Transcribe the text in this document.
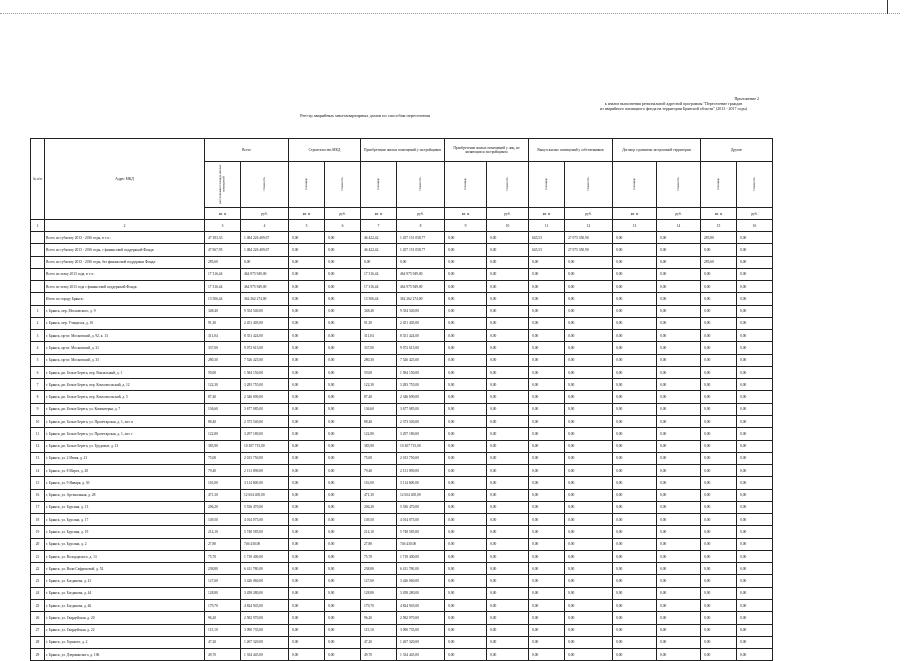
Приложение 2
к анализ выполнения региональной адресной программы "Переселение граждан
из аварийного жилищного фонда на территории Брянской области" (2013 - 2017 годы)
Реестр аварийных многоквартирных домов по способам переселения
№ п/п	Адрес МКД	Всего		Строительство МКД		Приобретение жилых помещений у застройщиков		Приобретение жилых помещений у лиц, не являющихся застройщиком		Выкуп жилых помещений у собственников		Договор о развитии застроенной территории		Другие	
		расселяемая площадь жилых помещений	стоимость	площадь	стоимость	площадь	стоимость	площадь	стоимость	площадь	стоимость	площадь	стоимость	площадь	стоимость
		кв. м	руб.	кв. м	руб.	кв. м	руб.	кв. м	руб.	кв. м	руб.	кв. м	руб.	кв. м	руб.
1	2	3	4	5	6	7	8	9	10	11	12	13	14	15	16
	Всего по субъекту 2013 - 2016 годы, в т.ч.:	47 393,33	1 484 226 409,67	0,00	0,00	46 422,42	1 457 151 058,77	0,00	0,00	645,53	27 075 350,90	0,00	0,00	285,80	0,00
	Всего по субъекту 2013 - 2016 годы, с финансовой поддержкой Фонда:	47 067,95	1 484 226 409,67	0,00	0,00	46 422,42	1 457 151 058,77	0,00	0,00	645,53	27 075 350,90	0,00	0,00	0,00	0,00
	Всего по субъекту 2013 - 2016 годы, без финансовой поддержки Фонда:	285,60	0,00	0,00	0,00	0,00	0,00	0,00	0,00	0,00	0,00	0,00	0,00	285,60	0,00
	Всего по этапу 2013 года, в т.ч.:	17 316,44	464 975 949,00	0,00	0,00	17 316,44	464 975 949,00	0,00	0,00	0,00	0,00	0,00	0,00	0,00	0,00
	Всего по этапу 2013 года с финансовой поддержкой Фонда:	17 316,44	464 975 949,00	0,00	0,00	17 316,44	464 975 949,00	0,00	0,00	0,00	0,00	0,00	0,00	0,00	0,00
	Итого по городу Брянск:	13 506,44	362 262 274,00	0,00	0,00	13 506,44	362 262 274,00	0,00	0,00	0,00	0,00	0,00	0,00	0,00	0,00
1	г. Брянск, пер. Московского, д. 9	348,40	9 354 540,00	0,00	0,00	348,40	9 354 540,00	0,00	0,00	0,00	0,00	0,00	0,00	0,00	0,00
2	г. Брянск, пер. Учащихся, д. 10	91,30	2 451 405,00	0,00	0,00	91,30	2 451 405,00	0,00	0,00	0,00	0,00	0,00	0,00	0,00	0,00
3	г. Брянск, пр-кт. Московский, д. 92, к. 13	311,04	8 351 424,00	0,00	0,00	311,04	8 351 424,00	0,00	0,00	0,00	0,00	0,00	0,00	0,00	0,00
4	г. Брянск, пр-кт. Московский, д. 31	337,00	9 072 615,00	0,00	0,00	337,00	9 072 615,00	0,00	0,00	0,00	0,00	0,00	0,00	0,00	0,00
5	г. Брянск, пр-кт. Московский, д. 33	280,30	7 526 425,00	0,00	0,00	280,30	7 526 425,00	0,00	0,00	0,00	0,00	0,00	0,00	0,00	0,00
6	г. Брянск, рп. Белые Берега, пер. Вокзальный, д. 1	59,00	1 584 150,00	0,00	0,00	59,00	1 584 150,00	0,00	0,00	0,00	0,00	0,00	0,00	0,00	0,00
7	г. Брянск, рп. Белые Берега, пер. Комсомольский, д. 12	122,30	3 283 755,00	0,00	0,00	122,30	3 283 755,00	0,00	0,00	0,00	0,00	0,00	0,00	0,00	0,00
8	г. Брянск, рп. Белые Берега, пер. Комсомольский, д. 5	87,40	2 346 690,00	0,00	0,00	87,40	2 346 690,00	0,00	0,00	0,00	0,00	0,00	0,00	0,00	0,00
9	г. Брянск, рп. Белые Берега, ул. Коминтерна, д. 7	136,60	3 677 085,00	0,00	0,00	136,60	3 677 085,00	0,00	0,00	0,00	0,00	0,00	0,00	0,00	0,00
10	г. Брянск, рп. Белые Берега, ул. Пролетарская, д. 1, лит. в	88,40	2 373 540,00	0,00	0,00	88,40	2 373 540,00	0,00	0,00	0,00	0,00	0,00	0,00	0,00	0,00
11	г. Брянск, рп. Белые Берега, ул. Пролетарская, д. 1, лит. г	122,80	3 297 180,00	0,00	0,00	122,80	3 297 180,00	0,00	0,00	0,00	0,00	0,00	0,00	0,00	0,00
12	г. Брянск, рп. Белые Берега, ул. Трудовые, д. 13	383,90	10 307 715,00	0,00	0,00	383,90	10 307 715,00	0,00	0,00	0,00	0,00	0,00	0,00	0,00	0,00
13	г. Брянск, ул. 2 Июня, д. 21	75,00	2 013 750,00	0,00	0,00	75,00	2 013 750,00	0,00	0,00	0,00	0,00	0,00	0,00	0,00	0,00
14	г. Брянск, ул. 8 Марта, д. 20	79,40	2 131 890,00	0,00	0,00	79,40	2 131 890,00	0,00	0,00	0,00	0,00	0,00	0,00	0,00	0,00
15	г. Брянск, ул. 9 Января, д. 30	116,00	3 114 600,00	0,00	0,00	116,00	3 114 600,00	0,00	0,00	0,00	0,00	0,00	0,00	0,00	0,00
16	г. Брянск, ул. Арсенальная, д. 28	471,30	12 654 405,00	0,00	0,00	471,30	12 654 405,00	0,00	0,00	0,00	0,00	0,00	0,00	0,00	0,00
17	г. Брянск, ул. Бурсина, д. 13	206,20	5 536 470,00	0,00	0,00	206,20	5 536 470,00	0,00	0,00	0,00	0,00	0,00	0,00	0,00	0,00
18	г. Брянск, ул. Бурсина, д. 17	149,50	4 014 075,00	0,00	0,00	149,50	4 014 075,00	0,00	0,00	0,00	0,00	0,00	0,00	0,00	0,00
19	г. Брянск, ул. Бурсина, д. 19	214,10	5 748 585,00	0,00	0,00	214,10	5 748 585,00	0,00	0,00	0,00	0,00	0,00	0,00	0,00	0,00
20	г. Брянск, ул. Бурсина, д. 2	27,80	746 430,00	0,00	0,00	27,80	746 430,00	0,00	0,00	0,00	0,00	0,00	0,00	0,00	0,00
21	г. Брянск, ул. Володарского, д. 13	75,70	1 718 400,00	0,00	0,00	75,70	1 718 400,00	0,00	0,00	0,00	0,00	0,00	0,00	0,00	0,00
22	г. Брянск, ул. Вали Сафроновой, д. 52	238,80	6 411 780,00	0,00	0,00	238,80	6 411 780,00	0,00	0,00	0,00	0,00	0,00	0,00	0,00	0,00
23	г. Брянск, ул. Богданова, д. 41	127,60	3 426 060,00	0,00	0,00	127,60	3 426 060,00	0,00	0,00	0,00	0,00	0,00	0,00	0,00	0,00
24	г. Брянск, ул. Богданова, д. 44	128,80	3 458 280,00	0,00	0,00	128,80	3 458 280,00	0,00	0,00	0,00	0,00	0,00	0,00	0,00	0,00
25	г. Брянск, ул. Богданова, д. 46	179,70	4 824 945,00	0,00	0,00	179,70	4 824 945,00	0,00	0,00	0,00	0,00	0,00	0,00	0,00	0,00
26	г. Брянск, ул. Гвардейская, д. 20	96,20	2 582 970,00	0,00	0,00	96,20	2 582 970,00	0,00	0,00	0,00	0,00	0,00	0,00	0,00	0,00
27	г. Брянск, ул. Гвардейская, д. 22	115,10	3 090 735,00	0,00	0,00	115,10	3 090 735,00	0,00	0,00	0,00	0,00	0,00	0,00	0,00	0,00
28	г. Брянск, ул. Горького, д. 2	47,20	1 267 320,00	0,00	0,00	47,20	1 267 320,00	0,00	0,00	0,00	0,00	0,00	0,00	0,00	0,00
29	г. Брянск, ул. Дзержинского, д. 106	49,70	1 334 445,00	0,00	0,00	49,70	1 334 445,00	0,00	0,00	0,00	0,00	0,00	0,00	0,00	0,00
